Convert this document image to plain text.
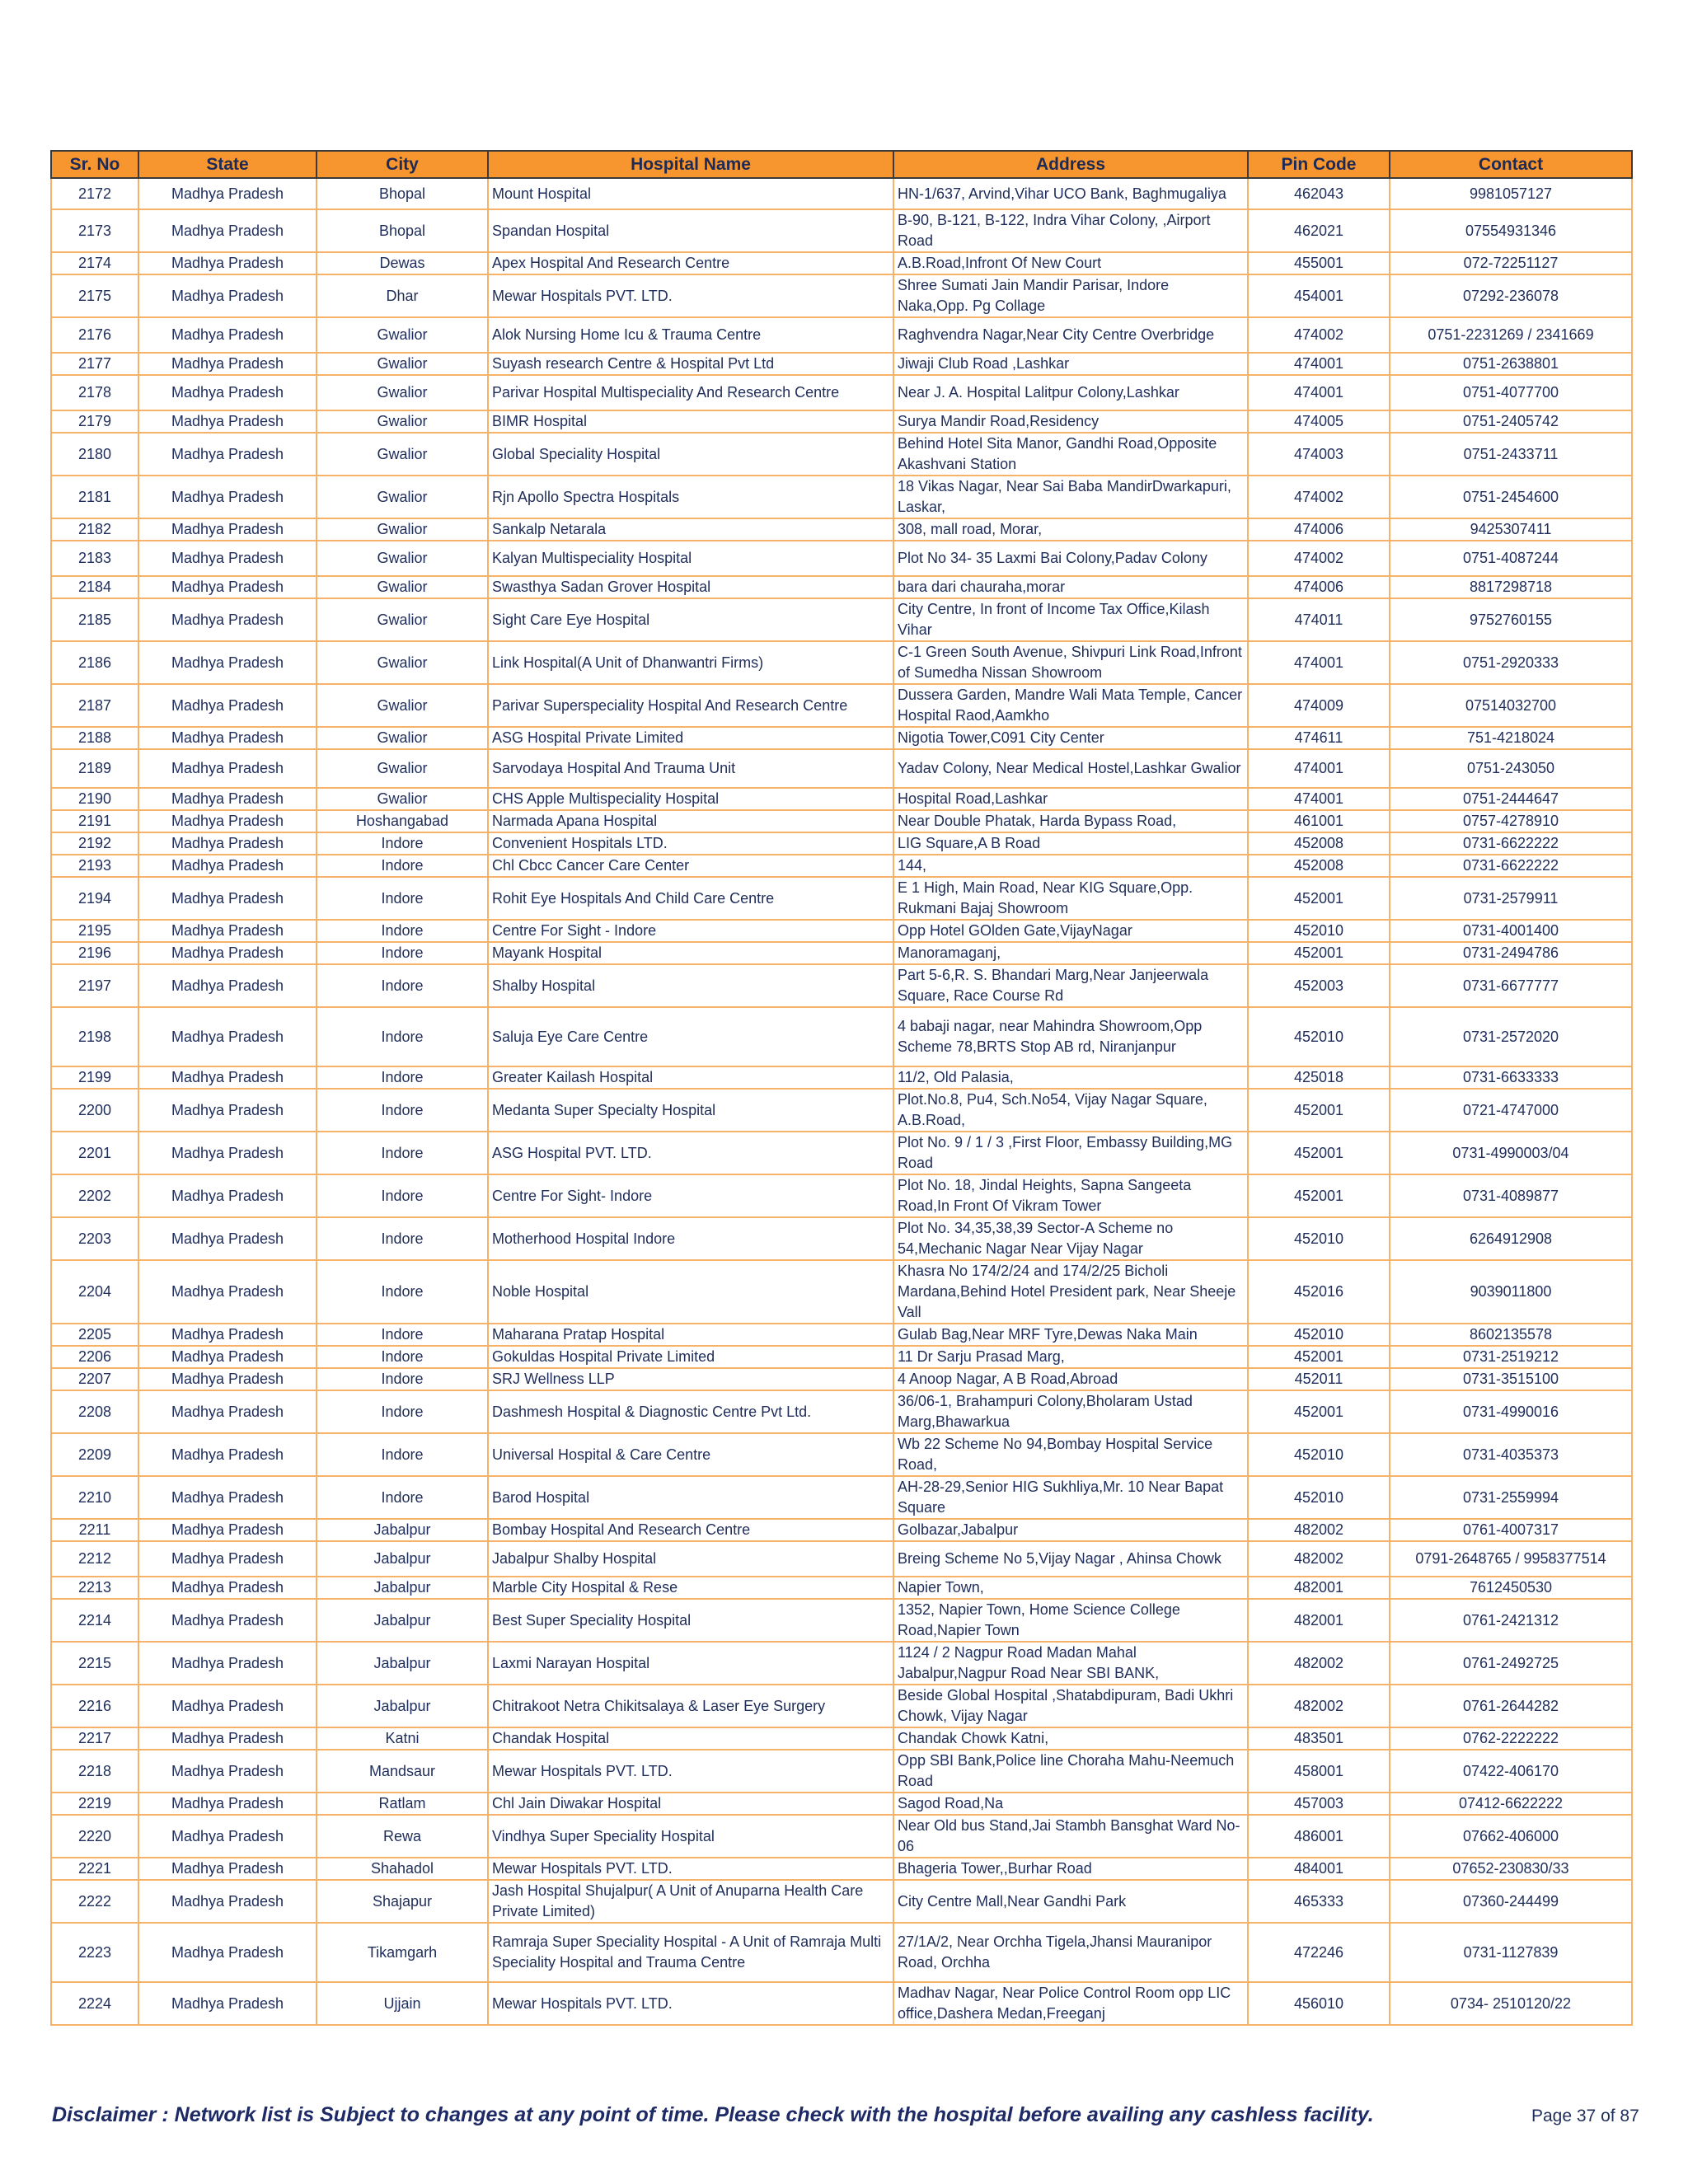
Sr. No	State	City	Hospital Name	Address	Pin Code	Contact
2172	Madhya Pradesh	Bhopal	Mount Hospital	HN-1/637, Arvind,Vihar UCO Bank, Baghmugaliya	462043	9981057127
2173	Madhya Pradesh	Bhopal	Spandan Hospital	B-90, B-121, B-122, Indra Vihar Colony, ,Airport Road	462021	07554931346
2174	Madhya Pradesh	Dewas	Apex Hospital And Research Centre	A.B.Road,Infront Of New Court	455001	072-72251127
2175	Madhya Pradesh	Dhar	Mewar Hospitals PVT. LTD.	Shree Sumati Jain Mandir Parisar, Indore Naka,Opp. Pg Collage	454001	07292-236078
2176	Madhya Pradesh	Gwalior	Alok Nursing Home Icu & Trauma Centre	Raghvendra Nagar,Near City Centre Overbridge	474002	0751-2231269 / 2341669
2177	Madhya Pradesh	Gwalior	Suyash research Centre & Hospital Pvt Ltd	Jiwaji Club Road ,Lashkar	474001	0751-2638801
2178	Madhya Pradesh	Gwalior	Parivar Hospital Multispeciality And Research Centre	Near J. A. Hospital Lalitpur Colony,Lashkar	474001	0751-4077700
2179	Madhya Pradesh	Gwalior	BIMR Hospital	Surya Mandir Road,Residency	474005	0751-2405742
2180	Madhya Pradesh	Gwalior	Global Speciality Hospital	Behind Hotel Sita Manor, Gandhi Road,Opposite Akashvani Station	474003	0751-2433711
2181	Madhya Pradesh	Gwalior	Rjn Apollo Spectra Hospitals	18 Vikas Nagar, Near Sai Baba MandirDwarkapuri, Laskar,	474002	0751-2454600
2182	Madhya Pradesh	Gwalior	Sankalp Netarala	308, mall road, Morar,	474006	9425307411
2183	Madhya Pradesh	Gwalior	Kalyan Multispeciality Hospital	Plot No 34- 35 Laxmi Bai Colony,Padav Colony	474002	0751-4087244
2184	Madhya Pradesh	Gwalior	Swasthya Sadan Grover Hospital	bara dari chauraha,morar	474006	8817298718
2185	Madhya Pradesh	Gwalior	Sight Care Eye Hospital	City Centre, In front of Income Tax Office,Kilash Vihar	474011	9752760155
2186	Madhya Pradesh	Gwalior	Link Hospital(A Unit of Dhanwantri Firms)	C-1 Green South Avenue, Shivpuri Link Road,Infront of Sumedha Nissan Showroom	474001	0751-2920333
2187	Madhya Pradesh	Gwalior	Parivar Superspeciality Hospital And Research Centre	Dussera Garden, Mandre Wali Mata Temple, Cancer Hospital Raod,Aamkho	474009	07514032700
2188	Madhya Pradesh	Gwalior	ASG Hospital Private Limited	Nigotia Tower,C091 City Center	474611	751-4218024
2189	Madhya Pradesh	Gwalior	Sarvodaya Hospital And Trauma Unit	Yadav Colony, Near Medical Hostel,Lashkar Gwalior	474001	0751-243050
2190	Madhya Pradesh	Gwalior	CHS Apple Multispeciality Hospital	Hospital Road,Lashkar	474001	0751-2444647
2191	Madhya Pradesh	Hoshangabad	Narmada Apana Hospital	Near Double Phatak, Harda Bypass Road,	461001	0757-4278910
2192	Madhya Pradesh	Indore	Convenient Hospitals LTD.	LIG Square,A B Road	452008	0731-6622222
2193	Madhya Pradesh	Indore	Chl Cbcc Cancer Care Center	144,	452008	0731-6622222
2194	Madhya Pradesh	Indore	Rohit Eye Hospitals And Child Care Centre	E 1 High, Main Road, Near KIG Square,Opp. Rukmani Bajaj Showroom	452001	0731-2579911
2195	Madhya Pradesh	Indore	Centre For Sight - Indore	Opp Hotel GOlden Gate,VijayNagar	452010	0731-4001400
2196	Madhya Pradesh	Indore	Mayank Hospital	Manoramaganj,	452001	0731-2494786
2197	Madhya Pradesh	Indore	Shalby Hospital	Part 5-6,R. S. Bhandari Marg,Near Janjeerwala Square, Race Course Rd	452003	0731-6677777
2198	Madhya Pradesh	Indore	Saluja Eye Care Centre	4 babaji nagar, near Mahindra Showroom,Opp Scheme 78,BRTS Stop AB rd, Niranjanpur	452010	0731-2572020
2199	Madhya Pradesh	Indore	Greater Kailash Hospital	11/2, Old Palasia,	425018	0731-6633333
2200	Madhya Pradesh	Indore	Medanta Super Specialty Hospital	Plot.No.8, Pu4, Sch.No54, Vijay Nagar Square, A.B.Road,	452001	0721-4747000
2201	Madhya Pradesh	Indore	ASG Hospital PVT. LTD.	Plot No. 9 / 1 / 3 ,First Floor, Embassy Building,MG Road	452001	0731-4990003/04
2202	Madhya Pradesh	Indore	Centre For Sight- Indore	Plot No. 18, Jindal Heights, Sapna Sangeeta Road,In Front Of Vikram Tower	452001	0731-4089877
2203	Madhya Pradesh	Indore	Motherhood Hospital Indore	Plot No. 34,35,38,39 Sector-A Scheme no 54,Mechanic Nagar Near Vijay Nagar	452010	6264912908
2204	Madhya Pradesh	Indore	Noble Hospital	Khasra No 174/2/24 and 174/2/25 Bicholi Mardana,Behind Hotel President park, Near Sheeje Vall	452016	9039011800
2205	Madhya Pradesh	Indore	Maharana Pratap Hospital	Gulab Bag,Near MRF Tyre,Dewas Naka Main	452010	8602135578
2206	Madhya Pradesh	Indore	Gokuldas Hospital Private Limited	11 Dr Sarju Prasad Marg,	452001	0731-2519212
2207	Madhya Pradesh	Indore	SRJ Wellness LLP	4 Anoop Nagar, A B Road,Abroad	452011	0731-3515100
2208	Madhya Pradesh	Indore	Dashmesh Hospital & Diagnostic Centre Pvt Ltd.	36/06-1, Brahampuri Colony,Bholaram Ustad Marg,Bhawarkua	452001	0731-4990016
2209	Madhya Pradesh	Indore	Universal Hospital & Care Centre	Wb 22 Scheme No 94,Bombay Hospital Service Road,	452010	0731-4035373
2210	Madhya Pradesh	Indore	Barod Hospital	AH-28-29,Senior HIG Sukhliya,Mr. 10 Near Bapat Square	452010	0731-2559994
2211	Madhya Pradesh	Jabalpur	Bombay Hospital And Research Centre	Golbazar,Jabalpur	482002	0761-4007317
2212	Madhya Pradesh	Jabalpur	Jabalpur Shalby Hospital	Breing Scheme No 5,Vijay Nagar , Ahinsa Chowk	482002	0791-2648765 / 9958377514
2213	Madhya Pradesh	Jabalpur	Marble City Hospital & Rese	Napier Town,	482001	7612450530
2214	Madhya Pradesh	Jabalpur	Best Super Speciality Hospital	1352, Napier Town, Home Science College Road,Napier Town	482001	0761-2421312
2215	Madhya Pradesh	Jabalpur	Laxmi Narayan Hospital	1124 / 2 Nagpur Road Madan Mahal Jabalpur,Nagpur Road Near SBI BANK,	482002	0761-2492725
2216	Madhya Pradesh	Jabalpur	Chitrakoot Netra Chikitsalaya & Laser Eye Surgery	Beside Global Hospital ,Shatabdipuram, Badi Ukhri Chowk, Vijay Nagar	482002	0761-2644282
2217	Madhya Pradesh	Katni	Chandak Hospital	Chandak Chowk Katni,	483501	0762-2222222
2218	Madhya Pradesh	Mandsaur	Mewar Hospitals PVT. LTD.	Opp SBI Bank,Police line Choraha Mahu-Neemuch Road	458001	07422-406170
2219	Madhya Pradesh	Ratlam	Chl Jain Diwakar Hospital	Sagod Road,Na	457003	07412-6622222
2220	Madhya Pradesh	Rewa	Vindhya Super Speciality Hospital	Near Old bus Stand,Jai Stambh Bansghat Ward No-06	486001	07662-406000
2221	Madhya Pradesh	Shahadol	Mewar Hospitals PVT. LTD.	Bhageria Tower,,Burhar Road	484001	07652-230830/33
2222	Madhya Pradesh	Shajapur	Jash Hospital Shujalpur( A Unit of Anuparna Health Care Private Limited)	City Centre Mall,Near Gandhi Park	465333	07360-244499
2223	Madhya Pradesh	Tikamgarh	Ramraja Super Speciality Hospital - A Unit of Ramraja Multi Speciality Hospital and Trauma Centre	27/1A/2, Near Orchha Tigela,Jhansi Mauranipor Road, Orchha	472246	0731-1127839
2224	Madhya Pradesh	Ujjain	Mewar Hospitals PVT. LTD.	Madhav Nagar, Near Police Control Room opp LIC office,Dashera Medan,Freeganj	456010	0734- 2510120/22
Disclaimer : Network list is Subject to changes at any point of time. Please check with the hospital before availing any cashless facility.	Page 37 of 87
